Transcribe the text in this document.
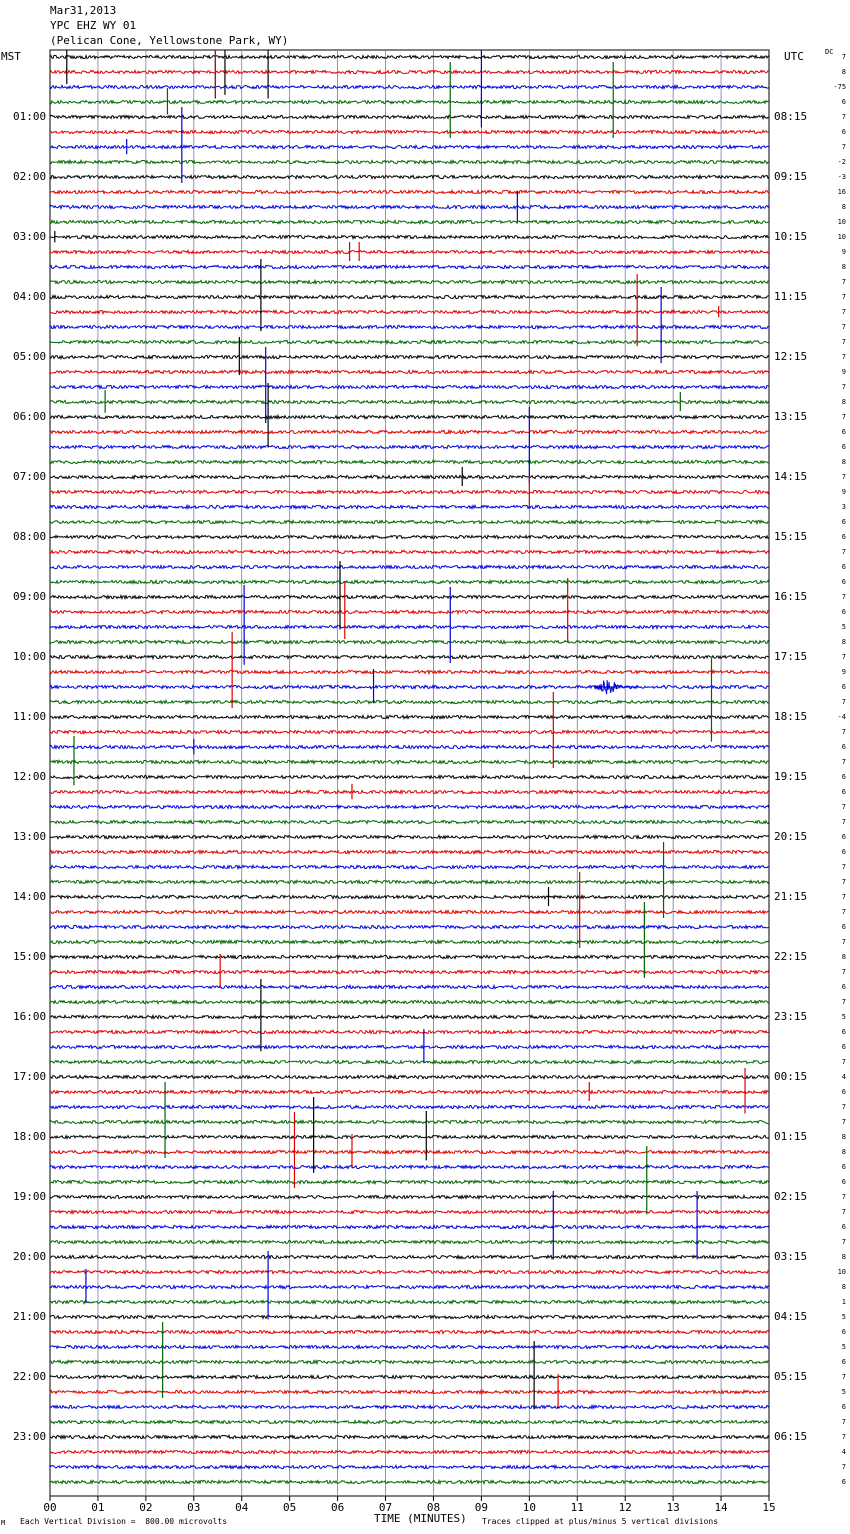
00	01	02	03	04	05	06	07	08	09	10	11	12	13	14	15
Mar31,2013
YPC EHZ WY 01
(Pelican Cone, Yellowstone Park, WY)
MST	UTC	DC
M Each Vertical Division =  800.00 microvolts	TIME (MINUTES) Traces clipped at plus/minus 5 vertical divisions
01:00	08:15
02:00	09:15
03:00	10:15
04:00	11:15
05:00	12:15
06:00	13:15
07:00	14:15
08:00	15:15
09:00	16:15
10:00	17:15
11:00	18:15
12:00	19:15
13:00	20:15
14:00	21:15
15:00	22:15
16:00	23:15
17:00	00:15
18:00	01:15
19:00	02:15
20:00	03:15
21:00	04:15
22:00	05:15
23:00	06:15
7
8
-75
6
7
6
7
-2
-3
16
8
10
10
9
8
7
7
7
7
7
7
9
7
8
7
6
6
8
7
9
3
6
6
7
6
6
7
6
5
8
7
9
6
7
-4
7
6
7
6
6
7
7
6
6
7
7
7
7
6
7
8
7
6
7
5
6
6
7
4
6
7
7
8
8
6
6
7
7
6
7
8
10
8
1
5
6
5
6
7
5
6
7
7
4
7
6
